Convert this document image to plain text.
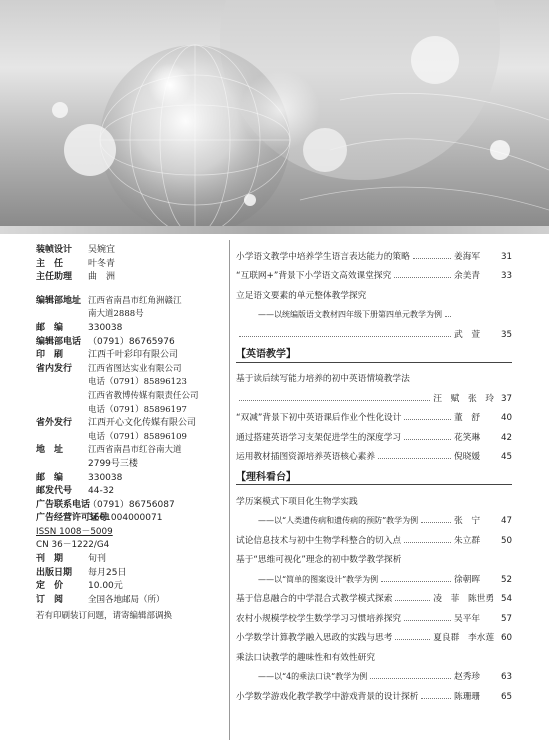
装帧设计	吴婉宜
主　任	叶冬青
主任助理	曲　洲
编辑部地址 江西省南昌市红角洲赣江
南大道2888号
邮　编	330038
编辑部电话 （0791）86765976
印　刷	江西千叶彩印有限公司
省内发行	江西省图达实业有限公司
电话（0791）85896123
江西省教博传媒有限责任公司
电话（0791）85896197
省外发行	江西开心文化传媒有限公司
电话（0791）85896109
地　址	江西省南昌市红谷南大道
2799号三楼
邮　编	330038
邮发代号	44-32
广告联系电话
（0791）86756087
广告经营许可证号
3601004000071
ISSN 1008－5009
CN 36－1222/G4
刊　期	旬刊
出版日期	每月25日
定　价	10.00元
订　阅	全国各地邮局（所）
若有印刷装订问题，请寄编辑部调换
小学语文教学中培养学生语言表达能力的策略	姜海军	31
“互联网+”背景下小学语文高效课堂探究	余美青	33
立足语文要素的单元整体教学探究
——以统编版语文教材四年级下册第四单元教学为例
武　萱	35
【英语教学】
基于读后续写能力培养的初中英语情境教学法
汪　赋　张　玲 37
“双减”背景下初中英语课后作业个性化设计	董　舒	40
通过搭建英语学习支架促进学生的深度学习	花笑琳	42
运用教材插图资源培养英语核心素养	倪晓媛	45
【理科看台】
学历案模式下项目化生物学实践
——以“人类遗传病和遗传病的预防”教学为例	张　宁	47
试论信息技术与初中生物学科整合的切入点	朱立群	50
基于“思维可视化”理念的初中数学教学探析
——以“简单的图案设计”教学为例	徐朝晖	52
基于信息融合的中学混合式教学模式探索	凌　菲　陈世勇 54
农村小规模学校学生数学学习习惯培养探究	吴平年	57
小学数学计算教学融入思政的实践与思考	夏良群　李水莲 60
乘法口诀教学的趣味性和有效性研究
——以“4的乘法口诀”教学为例	赵秀珍	63
小学数学游戏化教学教学中游戏背景的设计探析	陈珊珊	65
